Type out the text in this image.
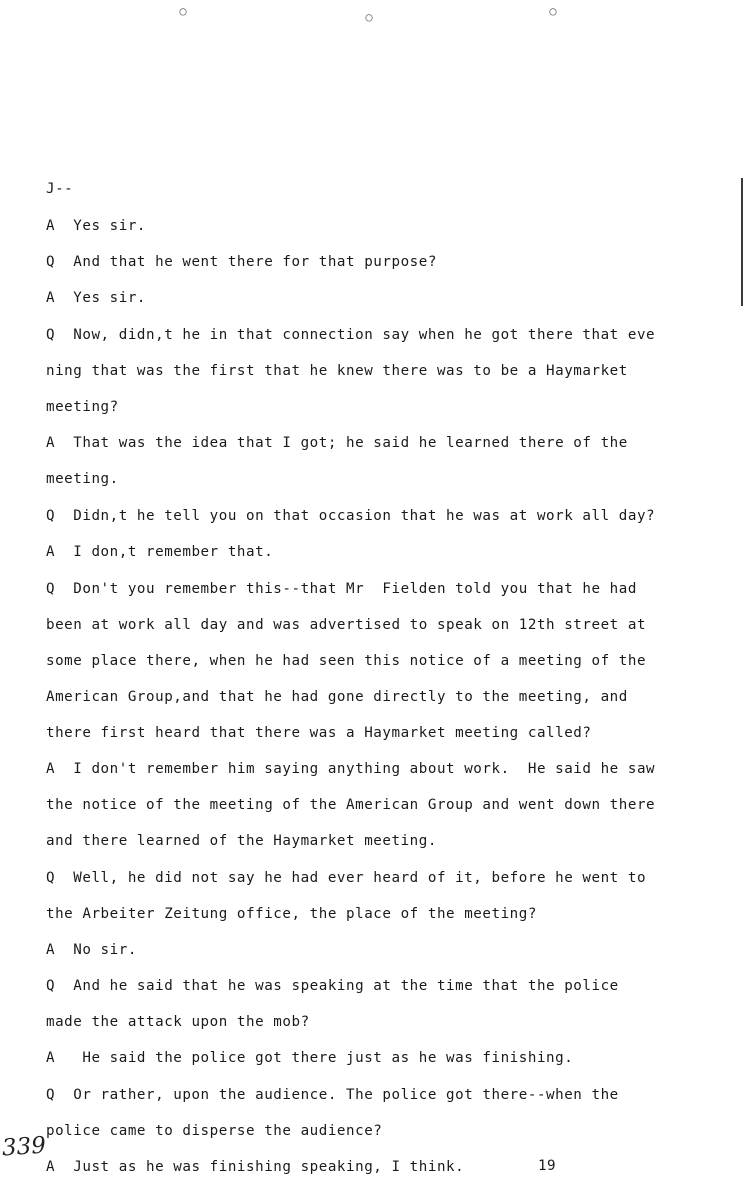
○	○	○
J--
A  Yes sir.
Q  And that he went there for that purpose?
A  Yes sir.
Q  Now, didn,t he in that connection say when he got there that eve
ning that was the first that he knew there was to be a Haymarket
meeting?
A  That was the idea that I got; he said he learned there of the
meeting.
Q  Didn,t he tell you on that occasion that he was at work all day?
A  I don,t remember that.
Q  Don't you remember this--that Mr  Fielden told you that he had
been at work all day and was advertised to speak on 12th street at
some place there, when he had seen this notice of a meeting of the
American Group,and that he had gone directly to the meeting, and
there first heard that there was a Haymarket meeting called?
A  I don't remember him saying anything about work.  He said he saw
the notice of the meeting of the American Group and went down there
and there learned of the Haymarket meeting.
Q  Well, he did not say he had ever heard of it, before he went to
the Arbeiter Zeitung office, the place of the meeting?
A  No sir.
Q  And he said that he was speaking at the time that the police
made the attack upon the mob?
A   He said the police got there just as he was finishing.
Q  Or rather, upon the audience. The police got there--when the
police came to disperse the audience?
A  Just as he was finishing speaking, I think.
339
19
